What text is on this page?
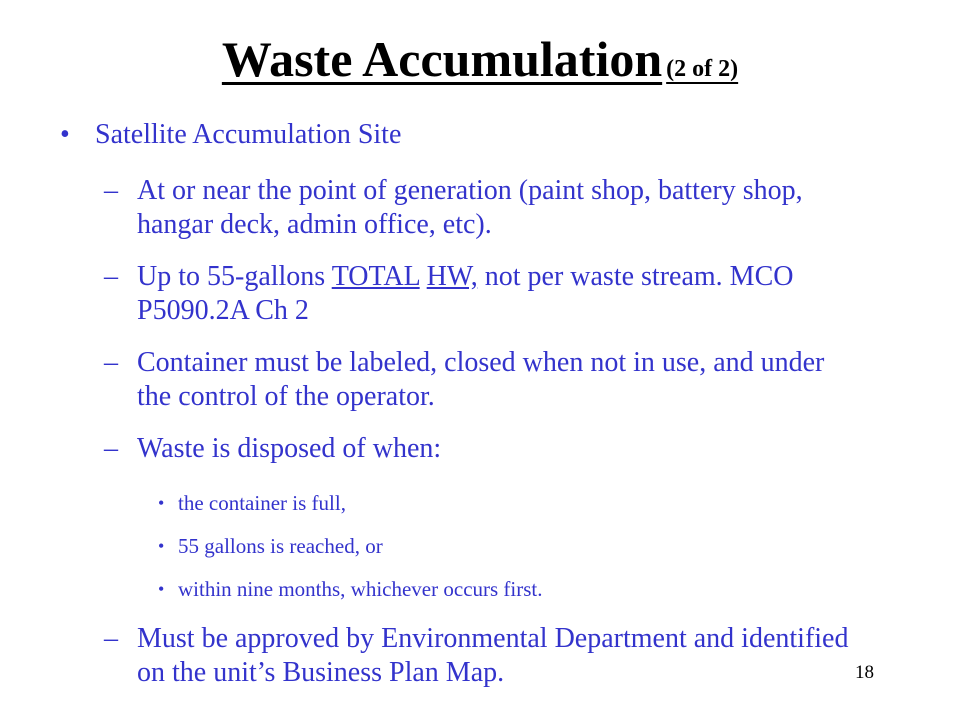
Waste Accumulation (2 of 2)
• Satellite Accumulation Site
– At or near the point of generation (paint shop, battery shop, hangar deck, admin office, etc).
– Up to 55-gallons TOTAL HW, not per waste stream. MCO P5090.2A Ch 2
– Container must be labeled, closed when not in use, and under the control of the operator.
– Waste is disposed of when:
• the container is full,
• 55 gallons is reached, or
• within nine months, whichever occurs first.
– Must be approved by Environmental Department and identified on the unit’s Business Plan Map.	18
